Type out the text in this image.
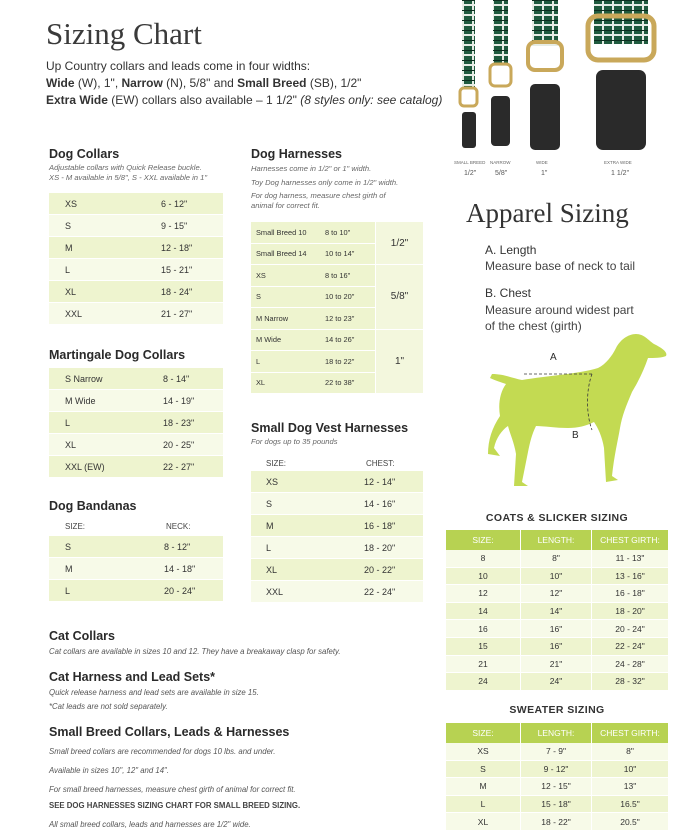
Sizing Chart
Up Country collars and leads come in four widths:
Wide (W), 1", Narrow (N), 5/8" and Small Breed (SB), 1/2"
Extra Wide (EW) collars also available – 1 1/2" (8 styles only: see catalog)
SMALL BREED NARROW	WIDE	EXTRA WIDE
1/2"	5/8"	1"	1 1/2"
Dog Collars
Adjustable collars with Quick Release buckle.
XS - M available in 5/8", S - XXL available in 1"
XS	6 - 12"
S	9 - 15"
M	12 - 18"
L	15 - 21"
XL	18 - 24"
XXL	21 - 27"
Martingale Dog Collars
S Narrow	8 - 14"
M Wide	14 - 19"
L	18 - 23"
XL	20 - 25"
XXL (EW)	22 - 27"
Dog Bandanas
SIZE:	NECK:
S	8 - 12"
M	14 - 18"
L	20 - 24"
Dog Harnesses
Harnesses come in 1/2" or 1" width.
Toy Dog harnesses only come in 1/2" width.
For dog harness, measure chest girth of
animal for correct fit.
Small Breed 10	8 to 10"	1/2"
Small Breed 14	10 to 14"	
XS	8 to 16"	5/8"
S	10 to 20"	
M Narrow	12 to 23"	
M Wide	14 to 26"	1"
L	18 to 22"	
XL	22 to 38"	
Small Dog Vest Harnesses
For dogs up to 35 pounds
SIZE:	CHEST:
XS	12 - 14"
S	14 - 16"
M	16 - 18"
L	18 - 20"
XL	20 - 22"
XXL	22 - 24"
Cat Collars
Cat collars are available in sizes 10 and 12. They have a breakaway clasp for safety.
Cat Harness and Lead Sets*
Quick release harness and lead sets are available in size 15.
*Cat leads are not sold separately.
Small Breed Collars, Leads & Harnesses
Small breed collars are recommended for dogs 10 lbs. and under.
Available in sizes 10", 12" and 14".
For small breed harnesses, measure chest girth of animal for correct fit.
SEE DOG HARNESSES SIZING CHART FOR SMALL BREED SIZING.
All small breed collars, leads and harnesses are 1/2" wide.
Apparel Sizing
A. Length
Measure base of neck to tail
B. Chest
Measure around widest part
of the chest (girth)
A
B
COATS & SLICKER SIZING
SIZE:	LENGTH:	CHEST GIRTH:
8	8"	11 - 13"
10	10"	13 - 16"
12	12"	16 - 18"
14	14"	18 - 20"
16	16"	20 - 24"
15	16"	22 - 24"
21	21"	24 - 28"
24	24"	28 - 32"
SWEATER SIZING
SIZE:	LENGTH:	CHEST GIRTH:
XS	7 - 9"	8"
S	9 - 12"	10"
M	12 - 15"	13"
L	15 - 18"	16.5"
XL	18 - 22"	20.5"
